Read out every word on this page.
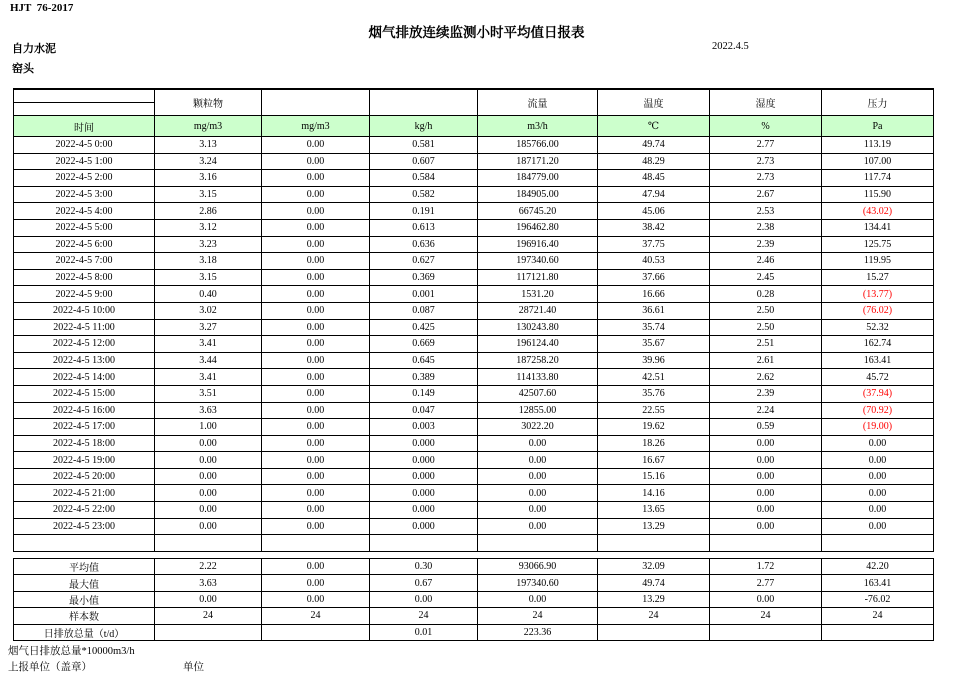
HJT  76-2017
烟气排放连续监测小时平均值日报表
自力水泥	2022.4.5
窑头
	颗粒物			流量	温度	湿度	压力

时间	mg/m3	mg/m3	kg/h	m3/h	℃	%	Pa
2022-4-5 0:00	3.13	0.00	0.581	185766.00	49.74	2.77	113.19
2022-4-5 1:00	3.24	0.00	0.607	187171.20	48.29	2.73	107.00
2022-4-5 2:00	3.16	0.00	0.584	184779.00	48.45	2.73	117.74
2022-4-5 3:00	3.15	0.00	0.582	184905.00	47.94	2.67	115.90
2022-4-5 4:00	2.86	0.00	0.191	66745.20	45.06	2.53	(43.02)
2022-4-5 5:00	3.12	0.00	0.613	196462.80	38.42	2.38	134.41
2022-4-5 6:00	3.23	0.00	0.636	196916.40	37.75	2.39	125.75
2022-4-5 7:00	3.18	0.00	0.627	197340.60	40.53	2.46	119.95
2022-4-5 8:00	3.15	0.00	0.369	117121.80	37.66	2.45	15.27
2022-4-5 9:00	0.40	0.00	0.001	1531.20	16.66	0.28	(13.77)
2022-4-5 10:00	3.02	0.00	0.087	28721.40	36.61	2.50	(76.02)
2022-4-5 11:00	3.27	0.00	0.425	130243.80	35.74	2.50	52.32
2022-4-5 12:00	3.41	0.00	0.669	196124.40	35.67	2.51	162.74
2022-4-5 13:00	3.44	0.00	0.645	187258.20	39.96	2.61	163.41
2022-4-5 14:00	3.41	0.00	0.389	114133.80	42.51	2.62	45.72
2022-4-5 15:00	3.51	0.00	0.149	42507.60	35.76	2.39	(37.94)
2022-4-5 16:00	3.63	0.00	0.047	12855.00	22.55	2.24	(70.92)
2022-4-5 17:00	1.00	0.00	0.003	3022.20	19.62	0.59	(19.00)
2022-4-5 18:00	0.00	0.00	0.000	0.00	18.26	0.00	0.00
2022-4-5 19:00	0.00	0.00	0.000	0.00	16.67	0.00	0.00
2022-4-5 20:00	0.00	0.00	0.000	0.00	15.16	0.00	0.00
2022-4-5 21:00	0.00	0.00	0.000	0.00	14.16	0.00	0.00
2022-4-5 22:00	0.00	0.00	0.000	0.00	13.65	0.00	0.00
2022-4-5 23:00	0.00	0.00	0.000	0.00	13.29	0.00	0.00

平均值	2.22	0.00	0.30	93066.90	32.09	1.72	42.20
最大值	3.63	0.00	0.67	197340.60	49.74	2.77	163.41
最小值	0.00	0.00	0.00	0.00	13.29	0.00	-76.02
样本数	24	24	24	24	24	24	24
日排放总量（t/d）			0.01	223.36			
烟气日排放总量*10000m3/h
上报单位（盖章）	单位
